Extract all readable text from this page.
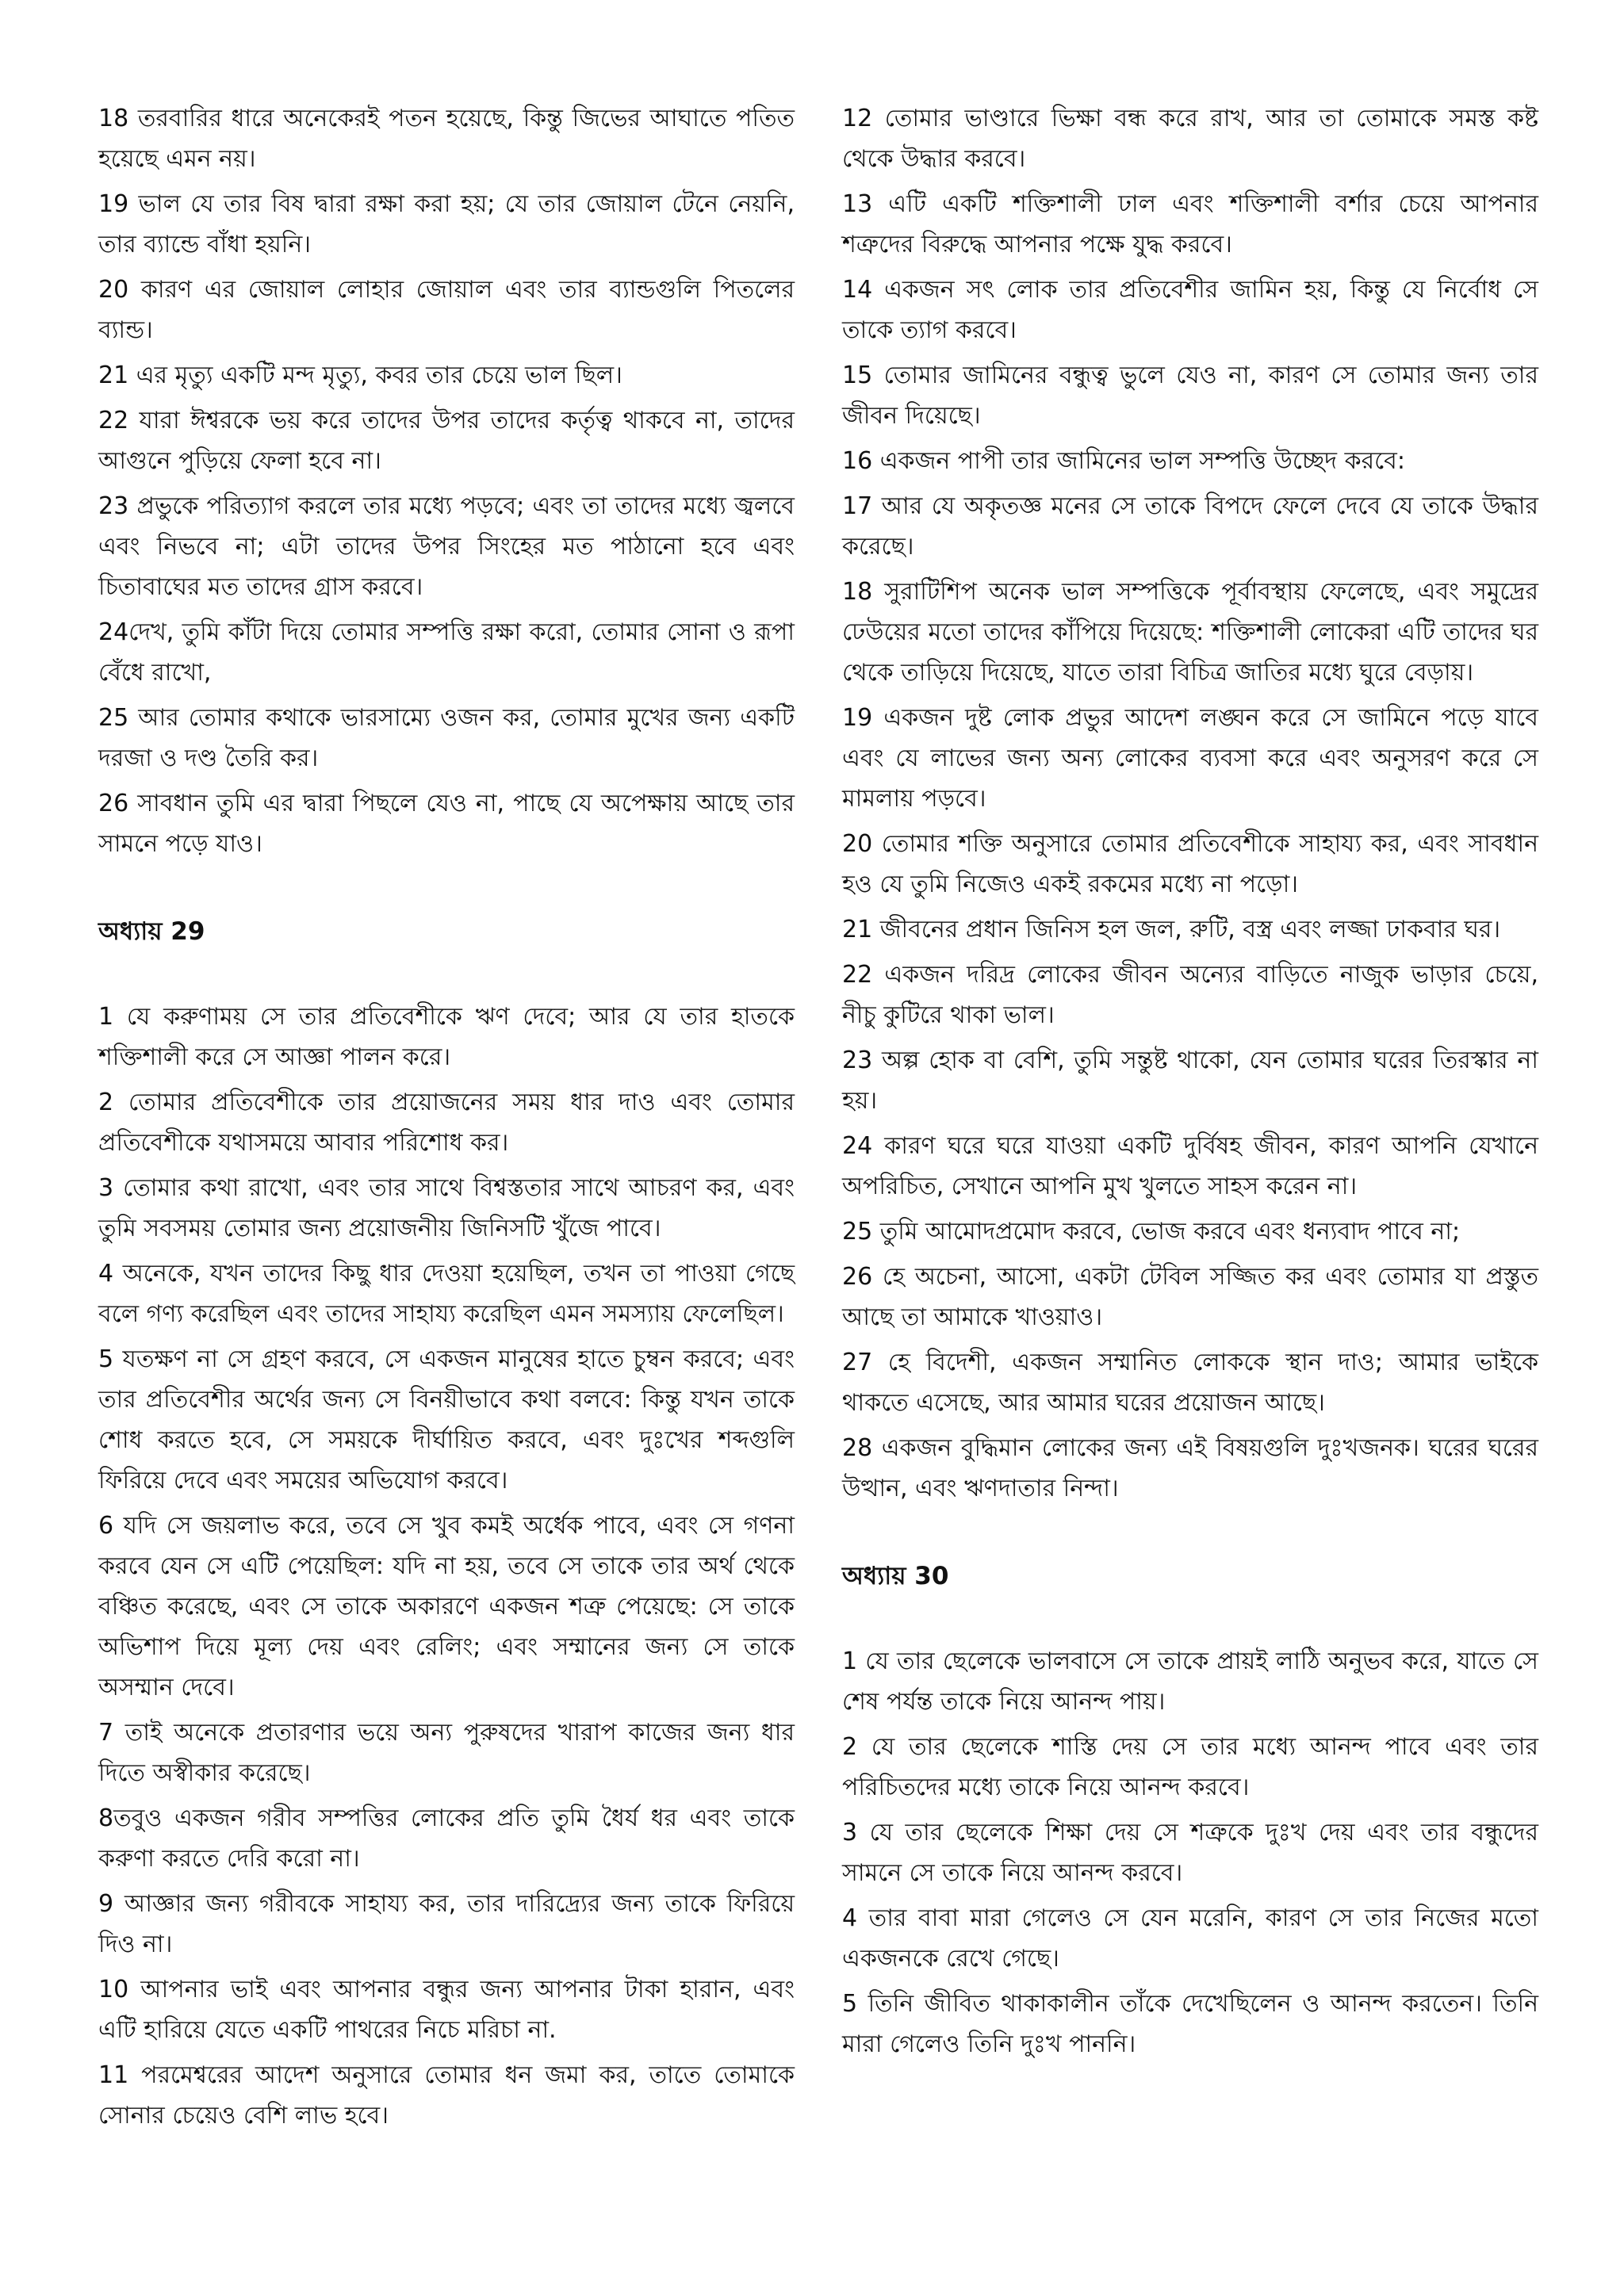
18 তরবারির ধারে অনেকেরই পতন হয়েছে, কিন্তু জিভের আঘাতে পতিত হয়েছে এমন নয়।

19 ভাল যে তার বিষ দ্বারা রক্ষা করা হয়; যে তার জোয়াল টেনে নেয়নি, তার ব্যান্ডে বাঁধা হয়নি।

20 কারণ এর জোয়াল লোহার জোয়াল এবং তার ব্যান্ডগুলি পিতলের ব্যান্ড।

21 এর মৃত্যু একটি মন্দ মৃত্যু, কবর তার চেয়ে ভাল ছিল।

22 যারা ঈশ্বরকে ভয় করে তাদের উপর তাদের কর্তৃত্ব থাকবে না, তাদের আগুনে পুড়িয়ে ফেলা হবে না।

23 প্রভুকে পরিত্যাগ করলে তার মধ্যে পড়বে; এবং তা তাদের মধ্যে জ্বলবে এবং নিভবে না; এটা তাদের উপর সিংহের মত পাঠানো হবে এবং চিতাবাঘের মত তাদের গ্রাস করবে।

24দেখ, তুমি কাঁটা দিয়ে তোমার সম্পত্তি রক্ষা করো, তোমার সোনা ও রূপা বেঁধে রাখো,

25 আর তোমার কথাকে ভারসাম্যে ওজন কর, তোমার মুখের জন্য একটি দরজা ও দণ্ড তৈরি কর।

26 সাবধান তুমি এর দ্বারা পিছলে যেও না, পাছে যে অপেক্ষায় আছে তার সামনে পড়ে যাও।

অধ্যায় 29

1 যে করুণাময় সে তার প্রতিবেশীকে ঋণ দেবে; আর যে তার হাতকে শক্তিশালী করে সে আজ্ঞা পালন করে।

2 তোমার প্রতিবেশীকে তার প্রয়োজনের সময় ধার দাও এবং তোমার প্রতিবেশীকে যথাসময়ে আবার পরিশোধ কর।

3 তোমার কথা রাখো, এবং তার সাথে বিশ্বস্ততার সাথে আচরণ কর, এবং তুমি সবসময় তোমার জন্য প্রয়োজনীয় জিনিসটি খুঁজে পাবে।

4 অনেকে, যখন তাদের কিছু ধার দেওয়া হয়েছিল, তখন তা পাওয়া গেছে বলে গণ্য করেছিল এবং তাদের সাহায্য করেছিল এমন সমস্যায় ফেলেছিল।

5 যতক্ষণ না সে গ্রহণ করবে, সে একজন মানুষের হাতে চুম্বন করবে; এবং তার প্রতিবেশীর অর্থের জন্য সে বিনয়ীভাবে কথা বলবে: কিন্তু যখন তাকে শোধ করতে হবে, সে সময়কে দীর্ঘায়িত করবে, এবং দুঃখের শব্দগুলি ফিরিয়ে দেবে এবং সময়ের অভিযোগ করবে।

6 যদি সে জয়লাভ করে, তবে সে খুব কমই অর্ধেক পাবে, এবং সে গণনা করবে যেন সে এটি পেয়েছিল: যদি না হয়, তবে সে তাকে তার অর্থ থেকে বঞ্চিত করেছে, এবং সে তাকে অকারণে একজন শত্রু পেয়েছে: সে তাকে অভিশাপ দিয়ে মূল্য দেয় এবং রেলিং; এবং সম্মানের জন্য সে তাকে অসম্মান দেবে।

7 তাই অনেকে প্রতারণার ভয়ে অন্য পুরুষদের খারাপ কাজের জন্য ধার দিতে অস্বীকার করেছে।

8তবুও একজন গরীব সম্পত্তির লোকের প্রতি তুমি ধৈর্য ধর এবং তাকে করুণা করতে দেরি করো না।

9 আজ্ঞার জন্য গরীবকে সাহায্য কর, তার দারিদ্র্যের জন্য তাকে ফিরিয়ে দিও না।

10 আপনার ভাই এবং আপনার বন্ধুর জন্য আপনার টাকা হারান, এবং এটি হারিয়ে যেতে একটি পাথরের নিচে মরিচা না.

11 পরমেশ্বরের আদেশ অনুসারে তোমার ধন জমা কর, তাতে তোমাকে সোনার চেয়েও বেশি লাভ হবে।

12 তোমার ভাণ্ডারে ভিক্ষা বন্ধ করে রাখ, আর তা তোমাকে সমস্ত কষ্ট থেকে উদ্ধার করবে।

13 এটি একটি শক্তিশালী ঢাল এবং শক্তিশালী বর্শার চেয়ে আপনার শত্রুদের বিরুদ্ধে আপনার পক্ষে যুদ্ধ করবে।

14 একজন সৎ লোক তার প্রতিবেশীর জামিন হয়, কিন্তু যে নির্বোধ সে তাকে ত্যাগ করবে।

15 তোমার জামিনের বন্ধুত্ব ভুলে যেও না, কারণ সে তোমার জন্য তার জীবন দিয়েছে।

16 একজন পাপী তার জামিনের ভাল সম্পত্তি উচ্ছেদ করবে:

17 আর যে অকৃতজ্ঞ মনের সে তাকে বিপদে ফেলে দেবে যে তাকে উদ্ধার করেছে।

18 সুরাটিশিপ অনেক ভাল সম্পত্তিকে পূর্বাবস্থায় ফেলেছে, এবং সমুদ্রের ঢেউয়ের মতো তাদের কাঁপিয়ে দিয়েছে: শক্তিশালী লোকেরা এটি তাদের ঘর থেকে তাড়িয়ে দিয়েছে, যাতে তারা বিচিত্র জাতির মধ্যে ঘুরে বেড়ায়।

19 একজন দুষ্ট লোক প্রভুর আদেশ লঙ্ঘন করে সে জামিনে পড়ে যাবে এবং যে লাভের জন্য অন্য লোকের ব্যবসা করে এবং অনুসরণ করে সে মামলায় পড়বে।

20 তোমার শক্তি অনুসারে তোমার প্রতিবেশীকে সাহায্য কর, এবং সাবধান হও যে তুমি নিজেও একই রকমের মধ্যে না পড়ো।

21 জীবনের প্রধান জিনিস হল জল, রুটি, বস্ত্র এবং লজ্জা ঢাকবার ঘর।

22 একজন দরিদ্র লোকের জীবন অন্যের বাড়িতে নাজুক ভাড়ার চেয়ে, নীচু কুটিরে থাকা ভাল।

23 অল্প হোক বা বেশি, তুমি সন্তুষ্ট থাকো, যেন তোমার ঘরের তিরস্কার না হয়।

24 কারণ ঘরে ঘরে যাওয়া একটি দুর্বিষহ জীবন, কারণ আপনি যেখানে অপরিচিত, সেখানে আপনি মুখ খুলতে সাহস করেন না।

25 তুমি আমোদপ্রমোদ করবে, ভোজ করবে এবং ধন্যবাদ পাবে না;

26 হে অচেনা, আসো, একটা টেবিল সজ্জিত কর এবং তোমার যা প্রস্তুত আছে তা আমাকে খাওয়াও।

27 হে বিদেশী, একজন সম্মানিত লোককে স্থান দাও; আমার ভাইকে থাকতে এসেছে, আর আমার ঘরের প্রয়োজন আছে।

28 একজন বুদ্ধিমান লোকের জন্য এই বিষয়গুলি দুঃখজনক। ঘরের ঘরের উত্থান, এবং ঋণদাতার নিন্দা।

অধ্যায় 30

1 যে তার ছেলেকে ভালবাসে সে তাকে প্রায়ই লাঠি অনুভব করে, যাতে সে শেষ পর্যন্ত তাকে নিয়ে আনন্দ পায়।

2 যে তার ছেলেকে শাস্তি দেয় সে তার মধ্যে আনন্দ পাবে এবং তার পরিচিতদের মধ্যে তাকে নিয়ে আনন্দ করবে।

3 যে তার ছেলেকে শিক্ষা দেয় সে শত্রুকে দুঃখ দেয় এবং তার বন্ধুদের সামনে সে তাকে নিয়ে আনন্দ করবে।

4 তার বাবা মারা গেলেও সে যেন মরেনি, কারণ সে তার নিজের মতো একজনকে রেখে গেছে।

5 তিনি জীবিত থাকাকালীন তাঁকে দেখেছিলেন ও আনন্দ করতেন। তিনি মারা গেলেও তিনি দুঃখ পাননি।
